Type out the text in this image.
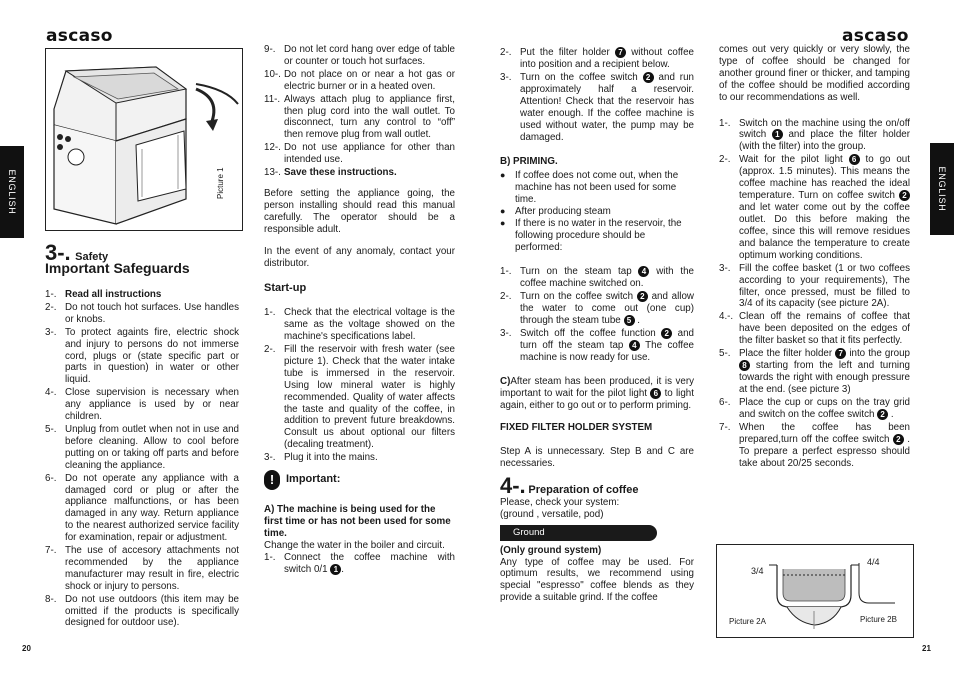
ascaso
ENGLISH	Picture 1
3-. Safety
Important Safeguards
1-. Read all instructions
2-. Do not touch hot surfaces. Use handles or knobs.
3-. To protect againts fire, electric shock and injury to persons do not immerse cord, plugs or (state specific part or parts in question) in water or other liquid.
4-. Close supervision is necessary when any appliance is used by or near children.
5-. Unplug from outlet when not in use and before cleaning. Allow to cool before putting on or taking off parts and before cleaning the appliance.
6-. Do not operate any appliance with a damaged cord or plug or after the appliance malfunctions, or has been damaged in any way. Return appliance to the nearest authorized service facility for examination, repair or adjustment.
7-. The use of accesory attachments not recommended by the appliance manufacturer may result in fire, electric shock or injury to persons.
8-. Do not use outdoors (this item may be omitted if the products is specifically designed for outdoor use).
20
9-. Do not let cord hang over edge of table or counter or touch hot surfaces.
10-. Do not place on or near a hot gas or electric burner or in a heated oven.
11-. Always attach plug to appliance first, then plug cord into the wall outlet. To disconnect, turn any control to “off” then remove plug from wall outlet.
12-. Do not use appliance for other than intended use.
13-. Save these instructions.

Before setting the appliance going, the person installing should read this manual carefully. The operator should be a responsible adult.

In the event of any anomaly, contact your distributor.

Start-up
1-. Check that the electrical voltage is the same as the voltage showed on the machine's specifications label.
2-. Fill the reservoir with fresh water (see picture 1). Check that the water intake tube is immersed in the reservoir. Using low mineral water is highly recommended. Quality of water affects the taste and quality of the coffee, in addition to prevent future breakdowns. Consult us about optional our filters (decaling treatment).
3-. Plug it into the mains.
!	Important:
A) The machine is being used for the first time or has not been used for some time.
Change the water in the boiler and circuit.
1-. Connect the coffee machine with switch 0/1 1 .
ascaso
ENGLISH
2-. Put the filter holder 7 without coffee into position and a recipient below.
3-. Turn on the coffee switch 2 and run approximately half a reservoir. Attention! Check that the reservoir has water enough. If the coffee machine is used without water, the pump may be damaged.
B) PRIMING.
● If coffee does not come out, when the machine has not been used for some time.
● After producing steam
● If there is no water in the reservoir, the following procedure should be performed:
1-. Turn on the steam tap 4 with the coffee machine switched on.
2-. Turn on the coffee switch 2 and allow the water to come out (one cup) through the steam tube 5 .
3-. Switch off the coffee function 2 and turn off the steam tap 4 The coffee machine is now ready for use.

C)After steam has been produced, it is very important to wait for the pilot light 6 to light again, either to go out or to perform priming.

FIXED FILTER HOLDER SYSTEM

Step A is unnecessary. Step B and C are necessaries.

4-. Preparation of coffee
Please, check your system:
(ground , versatile, pod)
Ground
(Only ground system)

Any type of coffee may be used. For optimum results, we recommend using special "espresso" coffee blends as they provide a suitable grind. If the coffee

comes out very quickly or very slowly, the type of coffee should be changed for another ground finer or thicker, and tamping of the coffee should be modified according to our recommendations as well.

1-. Switch on the machine using the on/off switch 1 and place the filter holder (with the filter) into the group.
2-. Wait for the pilot light 6 to go out (approx. 1.5 minutes). This means the coffee machine has reached the ideal temperature. Turn on coffee switch 2 and let water come out by the coffee outlet. Do this before making the coffee, since this will remove residues and balance the temperature to create optimum working conditions.
3-. Fill the coffee basket (1 or two coffees according to your requirements), The filter, once pressed, must be filled to 3/4 of its capacity (see picture 2A).
4.-. Clean off the remains of coffee that have been deposited on the edges of the filter basket so that it fits perfectly.
5-. Place the filter holder 7 into the group 8 starting from the left and turning towards the right with enough pressure at the end. (see picture 3)
6-. Place the cup or cups on the tray grid and switch on the coffee switch 2 .
7-. When the coffee has been prepared,turn off the coffee switch 2 . To prepare a perfect espresso should take about 20/25 seconds.
3/4
4/4
Picture 2A	Picture 2B
21
